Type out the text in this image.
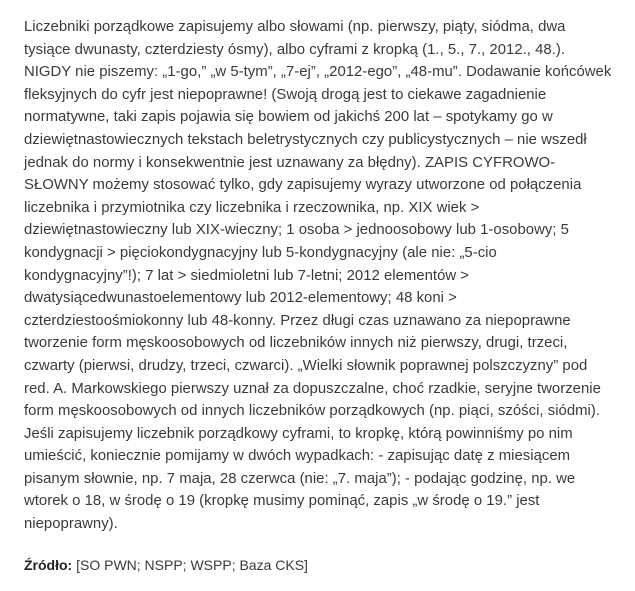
Liczebniki porządkowe zapisujemy albo słowami (np. pierwszy, piąty, siódma, dwa tysiące dwunasty, czterdziesty ósmy), albo cyframi z kropką (1., 5., 7., 2012., 48.). NIGDY nie piszemy: „1-go,” „w 5-tym”, „7-ej”, „2012-ego”, „48-mu”. Dodawanie końcówek fleksyjnych do cyfr jest niepoprawne! (Swoją drogą jest to ciekawe zagadnienie normatywne, taki zapis pojawia się bowiem od jakichś 200 lat – spotykamy go w dziewiętnastowiecznych tekstach beletrystycznych czy publicystycznych – nie wszedł jednak do normy i konsekwentnie jest uznawany za błędny). ZAPIS CYFROWO-SŁOWNY możemy stosować tylko, gdy zapisujemy wyrazy utworzone od połączenia liczebnika i przymiotnika czy liczebnika i rzeczownika, np. XIX wiek > dziewiętnastowieczny lub XIX-wieczny; 1 osoba > jednoosobowy lub 1-osobowy; 5 kondygnacji > pięciokondygnacyjny lub 5-kondygnacyjny (ale nie: „5-cio kondygnacyjny”!); 7 lat > siedmioletni lub 7-letni; 2012 elementów > dwatysiącedwunastoelementowy lub 2012-elementowy; 48 koni > czterdziestoośmiokonny lub 48-konny. Przez długi czas uznawano za niepoprawne tworzenie form męskoosobowych od liczebników innych niż pierwszy, drugi, trzeci, czwarty (pierwsi, drudzy, trzeci, czwarci). „Wielki słownik poprawnej polszczyzny” pod red. A. Markowskiego pierwszy uznał za dopuszczalne, choć rzadkie, seryjne tworzenie form męskoosobowych od innych liczebników porządkowych (np. piąci, szóści, siódmi). Jeśli zapisujemy liczebnik porządkowy cyframi, to kropkę, którą powinniśmy po nim umieścić, koniecznie pomijamy w dwóch wypadkach: - zapisując datę z miesiącem pisanym słownie, np. 7 maja, 28 czerwca (nie: „7. maja”); - podając godzinę, np. we wtorek o 18, w środę o 19 (kropkę musimy pominąć, zapis „w środę o 19.” jest niepoprawny).

Źródło: [SO PWN; NSPP; WSPP; Baza CKS]
